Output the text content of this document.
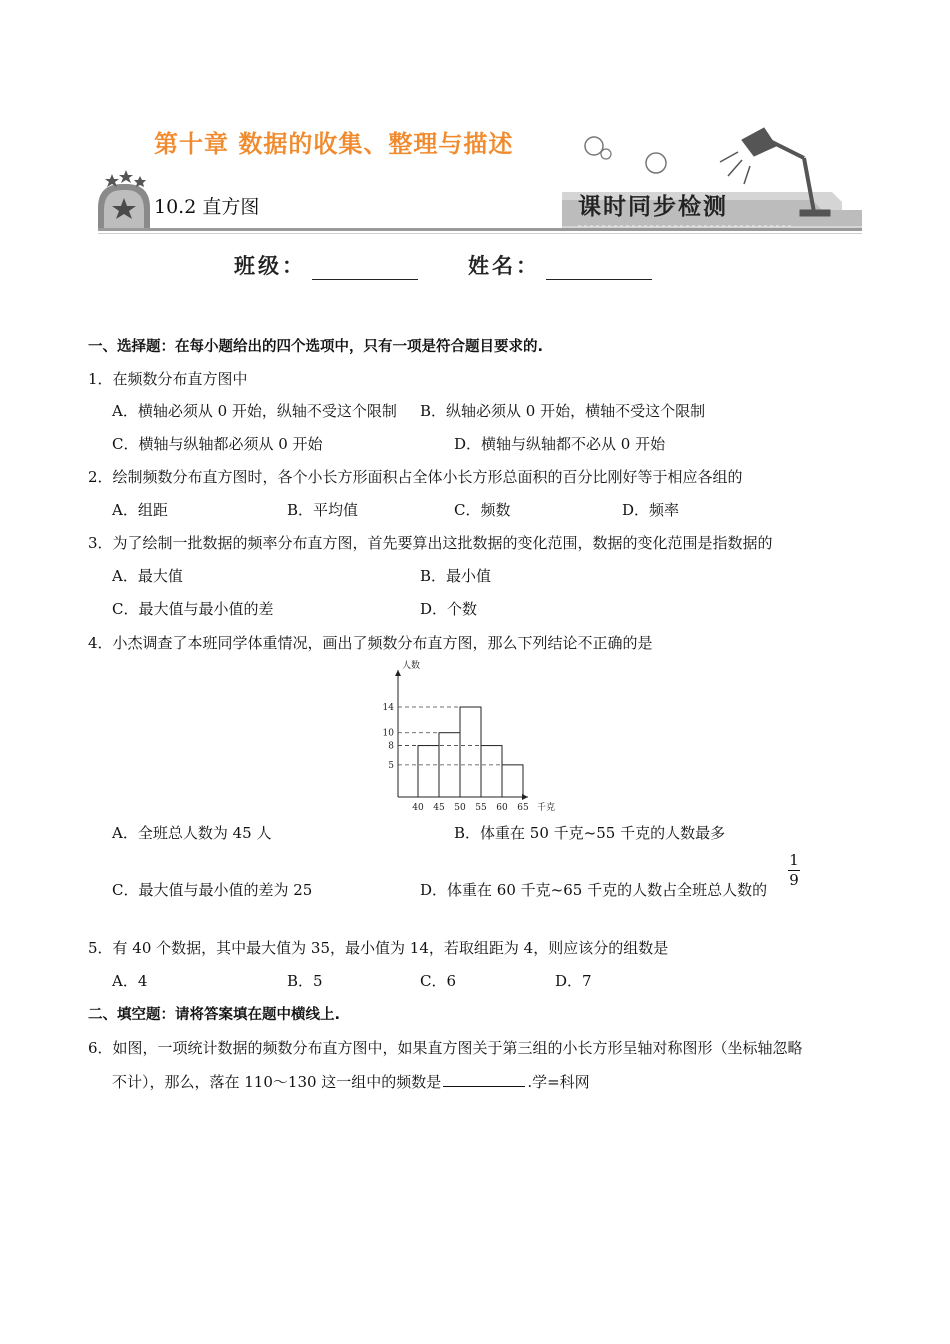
第十章 数据的收集、整理与描述
10.2 直方图	课时同步检测
班级：	姓名：
一、选择题：在每小题给出的四个选项中，只有一项是符合题目要求的.
1．在频数分布直方图中
A．横轴必须从 0 开始，纵轴不受这个限制 B．纵轴必须从 0 开始，横轴不受这个限制
C．横轴与纵轴都必须从 0 开始	D．横轴与纵轴都不必从 0 开始
2．绘制频数分布直方图时，各个小长方形面积占全体小长方形总面积的百分比刚好等于相应各组的
A．组距	B．平均值	C．频数	D．频率
3．为了绘制一批数据的频率分布直方图，首先要算出这批数据的变化范围，数据的变化范围是指数据的
A．最大值	B．最小值
C．最大值与最小值的差	D．个数
4．小杰调查了本班同学体重情况，画出了频数分布直方图，那么下列结论不正确的是
5
8
10
14
40 45 50 55 60 65
人数
千克
A．全班总人数为 45 人	B．体重在 50 千克~55 千克的人数最多
C．最大值与最小值的差为 25	D．体重在 60 千克~65 千克的人数占全班总人数的
1
9
5．有 40 个数据，其中最大值为 35，最小值为 14，若取组距为 4，则应该分的组数是
A．4	B．5	C．6	D．7
二、填空题：请将答案填在题中横线上.
6．如图，一项统计数据的频数分布直方图中，如果直方图关于第三组的小长方形呈轴对称图形（坐标轴忽略
不计），那么，落在 110～130 这一组中的频数是	.学=科网
